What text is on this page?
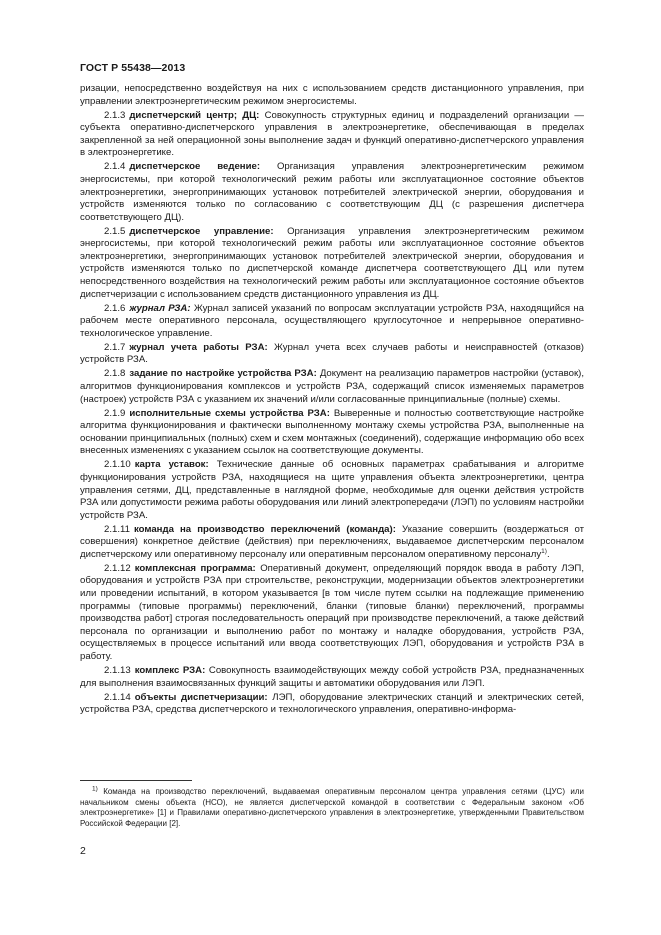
ГОСТ Р 55438—2013

ризации, непосредственно воздействуя на них с использованием средств дистанционного управления, при управлении электроэнергетическим режимом энергосистемы.

2.1.3 диспетчерский центр; ДЦ: Совокупность структурных единиц и подразделений организации — субъекта оперативно-диспетчерского управления в электроэнергетике, обеспечивающая в пределах закрепленной за ней операционной зоны выполнение задач и функций оперативно-диспетчерского управления в электроэнергетике.

2.1.4 диспетчерское ведение: Организация управления электроэнергетическим режимом энергосистемы, при которой технологический режим работы или эксплуатационное состояние объектов электроэнергетики, энергопринимающих установок потребителей электрической энергии, оборудования и устройств изменяются только по согласованию с соответствующим ДЦ (с разрешения диспетчера соответствующего ДЦ).

2.1.5 диспетчерское управление: Организация управления электроэнергетическим режимом энергосистемы, при которой технологический режим работы или эксплуатационное состояние объектов электроэнергетики, энергопринимающих установок потребителей электрической энергии, оборудования и устройств изменяются только по диспетчерской команде диспетчера соответствующего ДЦ или путем непосредственного воздействия на технологический режим работы или эксплуатационное состояние объектов диспетчеризации с использованием средств дистанционного управления из ДЦ.

2.1.6 журнал РЗА: Журнал записей указаний по вопросам эксплуатации устройств РЗА, находящийся на рабочем месте оперативного персонала, осуществляющего круглосуточное и непрерывное оперативно-технологическое управление.

2.1.7 журнал учета работы РЗА: Журнал учета всех случаев работы и неисправностей (отказов) устройств РЗА.

2.1.8 задание по настройке устройства РЗА: Документ на реализацию параметров настройки (уставок), алгоритмов функционирования комплексов и устройств РЗА, содержащий список изменяемых параметров (настроек) устройств РЗА с указанием их значений и/или согласованные принципиальные (полные) схемы.

2.1.9 исполнительные схемы устройства РЗА: Выверенные и полностью соответствующие настройке алгоритма функционирования и фактически выполненному монтажу схемы устройства РЗА, выполненные на основании принципиальных (полных) схем и схем монтажных (соединений), содержащие информацию обо всех внесенных изменениях с указанием ссылок на соответствующие документы.

2.1.10 карта уставок: Технические данные об основных параметрах срабатывания и алгоритме функционирования устройств РЗА, находящиеся на щите управления объекта электроэнергетики, центра управления сетями, ДЦ, представленные в наглядной форме, необходимые для оценки действия устройств РЗА или допустимости режима работы оборудования или линий электропередачи (ЛЭП) по условиям настройки устройств РЗА.

2.1.11 команда на производство переключений (команда): Указание совершить (воздержаться от совершения) конкретное действие (действия) при переключениях, выдаваемое диспетчерским персоналом диспетчерскому или оперативному персоналу или оперативным персоналом оперативному персоналу$^{1)}$.

2.1.12 комплексная программа: Оперативный документ, определяющий порядок ввода в работу ЛЭП, оборудования и устройств РЗА при строительстве, реконструкции, модернизации объектов электроэнергетики или проведении испытаний, в котором указывается [в том числе путем ссылки на подлежащие применению программы (типовые программы) переключений, бланки (типовые бланки) переключений, программы производства работ] строгая последовательность операций при производстве переключений, а также действий персонала по организации и выполнению работ по монтажу и наладке оборудования, устройств РЗА, осуществляемых в процессе испытаний или ввода соответствующих ЛЭП, оборудования и устройств РЗА в работу.

2.1.13 комплекс РЗА: Совокупность взаимодействующих между собой устройств РЗА, предназначенных для выполнения взаимосвязанных функций защиты и автоматики оборудования или ЛЭП.

2.1.14 объекты диспетчеризации: ЛЭП, оборудование электрических станций и электрических сетей, устройства РЗА, средства диспетчерского и технологического управления, оперативно-информа-

$^{1)}$ Команда на производство переключений, выдаваемая оперативным персоналом центра управления сетями (ЦУС) или начальником смены объекта (НСО), не является диспетчерской командой в соответствии с Федеральным законом «Об электроэнергетике» [1] и Правилами оперативно-диспетчерского управления в электроэнергетике, утвержденными Правительством Российской Федерации [2].
2
